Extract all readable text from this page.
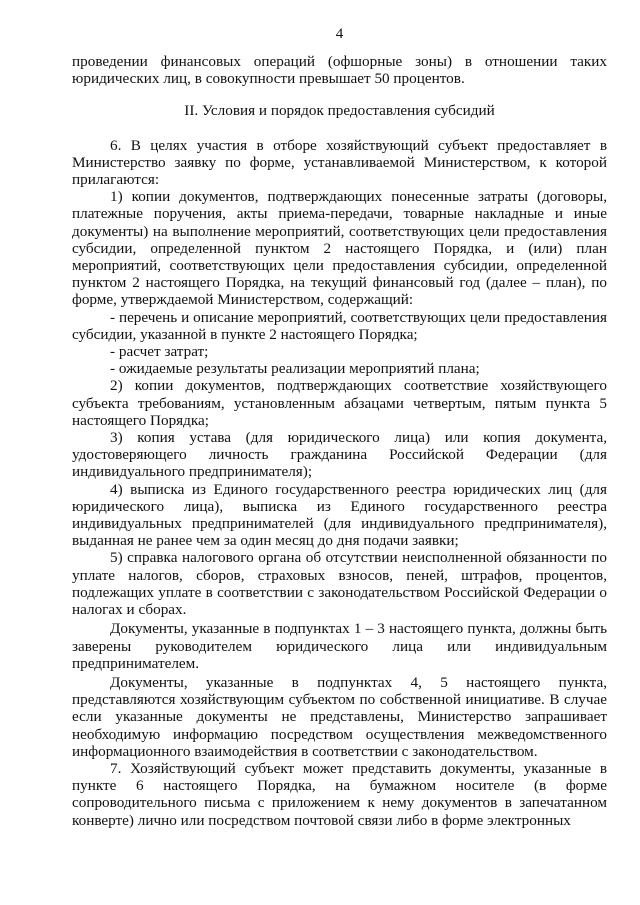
4

проведении финансовых операций (офшорные зоны) в отношении таких юридических лиц, в совокупности превышает 50 процентов.

II. Условия и порядок предоставления субсидий

6. В целях участия в отборе хозяйствующий субъект предоставляет в Министерство заявку по форме, устанавливаемой Министерством, к которой прилагаются:

1) копии документов, подтверждающих понесенные затраты (договоры, платежные поручения, акты приема-передачи, товарные накладные и иные документы) на выполнение мероприятий, соответствующих цели предоставления субсидии, определенной пунктом 2 настоящего Порядка, и (или) план мероприятий, соответствующих цели предоставления субсидии, определенной пунктом 2 настоящего Порядка, на текущий финансовый год (далее – план), по форме, утверждаемой Министерством, содержащий:

- перечень и описание мероприятий, соответствующих цели предоставления субсидии, указанной в пункте 2 настоящего Порядка;

- расчет затрат;

- ожидаемые результаты реализации мероприятий плана;

2) копии документов, подтверждающих соответствие хозяйствующего субъекта требованиям, установленным абзацами четвертым, пятым пункта 5 настоящего Порядка;

3) копия устава (для юридического лица) или копия документа, удостоверяющего личность гражданина Российской Федерации (для индивидуального предпринимателя);

4) выписка из Единого государственного реестра юридических лиц (для юридического лица), выписка из Единого государственного реестра индивидуальных предпринимателей (для индивидуального предпринимателя), выданная не ранее чем за один месяц до дня подачи заявки;

5) справка налогового органа об отсутствии неисполненной обязанности по уплате налогов, сборов, страховых взносов, пеней, штрафов, процентов, подлежащих уплате в соответствии с законодательством Российской Федерации о налогах и сборах.

Документы, указанные в подпунктах 1 – 3 настоящего пункта, должны быть заверены руководителем юридического лица или индивидуальным предпринимателем.

Документы, указанные в подпунктах 4, 5 настоящего пункта, представляются хозяйствующим субъектом по собственной инициативе. В случае если указанные документы не представлены, Министерство запрашивает необходимую информацию посредством осуществления межведомственного информационного взаимодействия в соответствии с законодательством.

7. Хозяйствующий субъект может представить документы, указанные в пункте 6 настоящего Порядка, на бумажном носителе (в форме сопроводительного письма с приложением к нему документов в запечатанном конверте) лично или посредством почтовой связи либо в форме электронных
